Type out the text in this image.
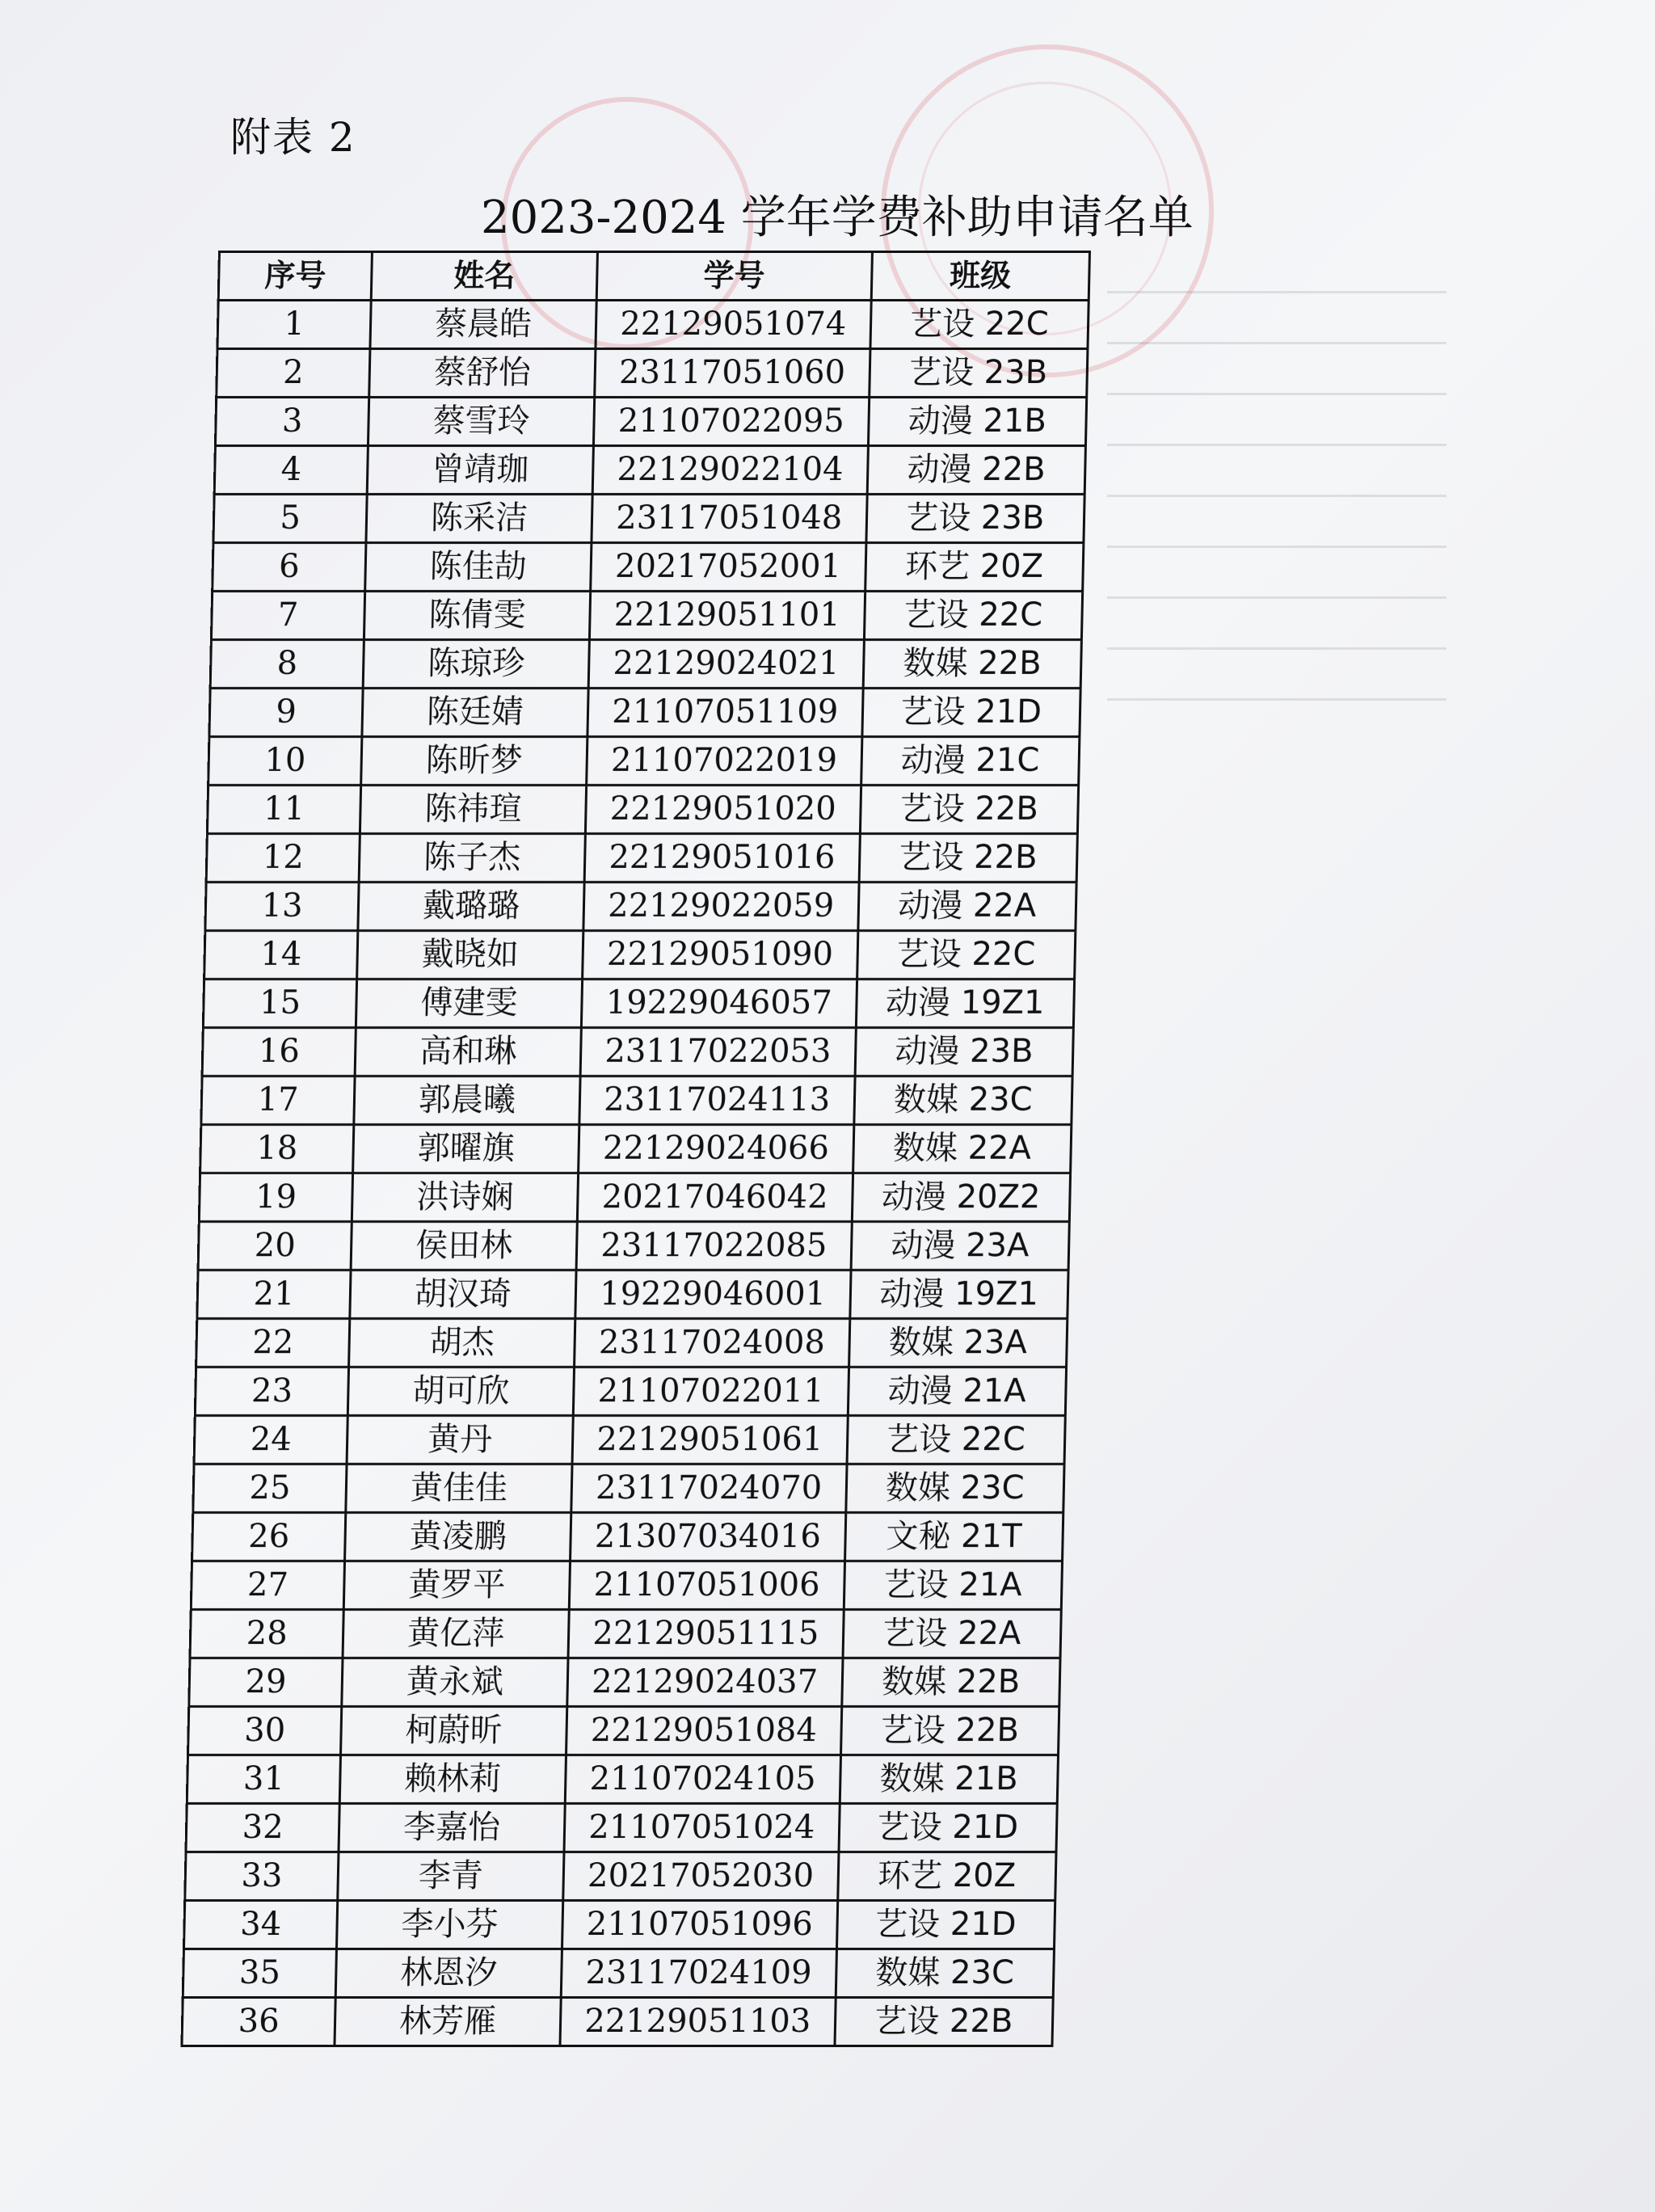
附表 2
2023-2024 学年学费补助申请名单
序号	姓名	学号	班级
1	蔡晨皓	22129051074	艺设 22C
2	蔡舒怡	23117051060	艺设 23B
3	蔡雪玲	21107022095	动漫 21B
4	曾靖珈	22129022104	动漫 22B
5	陈采洁	23117051048	艺设 23B
6	陈佳劼	20217052001	环艺 20Z
7	陈倩雯	22129051101	艺设 22C
8	陈琼珍	22129024021	数媒 22B
9	陈廷婧	21107051109	艺设 21D
10	陈昕梦	21107022019	动漫 21C
11	陈祎瑄	22129051020	艺设 22B
12	陈子杰	22129051016	艺设 22B
13	戴璐璐	22129022059	动漫 22A
14	戴晓如	22129051090	艺设 22C
15	傅建雯	19229046057	动漫 19Z1
16	高和琳	23117022053	动漫 23B
17	郭晨曦	23117024113	数媒 23C
18	郭曜旗	22129024066	数媒 22A
19	洪诗娴	20217046042	动漫 20Z2
20	侯田林	23117022085	动漫 23A
21	胡汉琦	19229046001	动漫 19Z1
22	胡杰	23117024008	数媒 23A
23	胡可欣	21107022011	动漫 21A
24	黄丹	22129051061	艺设 22C
25	黄佳佳	23117024070	数媒 23C
26	黄凌鹏	21307034016	文秘 21T
27	黄罗平	21107051006	艺设 21A
28	黄亿萍	22129051115	艺设 22A
29	黄永斌	22129024037	数媒 22B
30	柯蔚昕	22129051084	艺设 22B
31	赖林莉	21107024105	数媒 21B
32	李嘉怡	21107051024	艺设 21D
33	李青	20217052030	环艺 20Z
34	李小芬	21107051096	艺设 21D
35	林恩汐	23117024109	数媒 23C
36	林芳雁	22129051103	艺设 22B
